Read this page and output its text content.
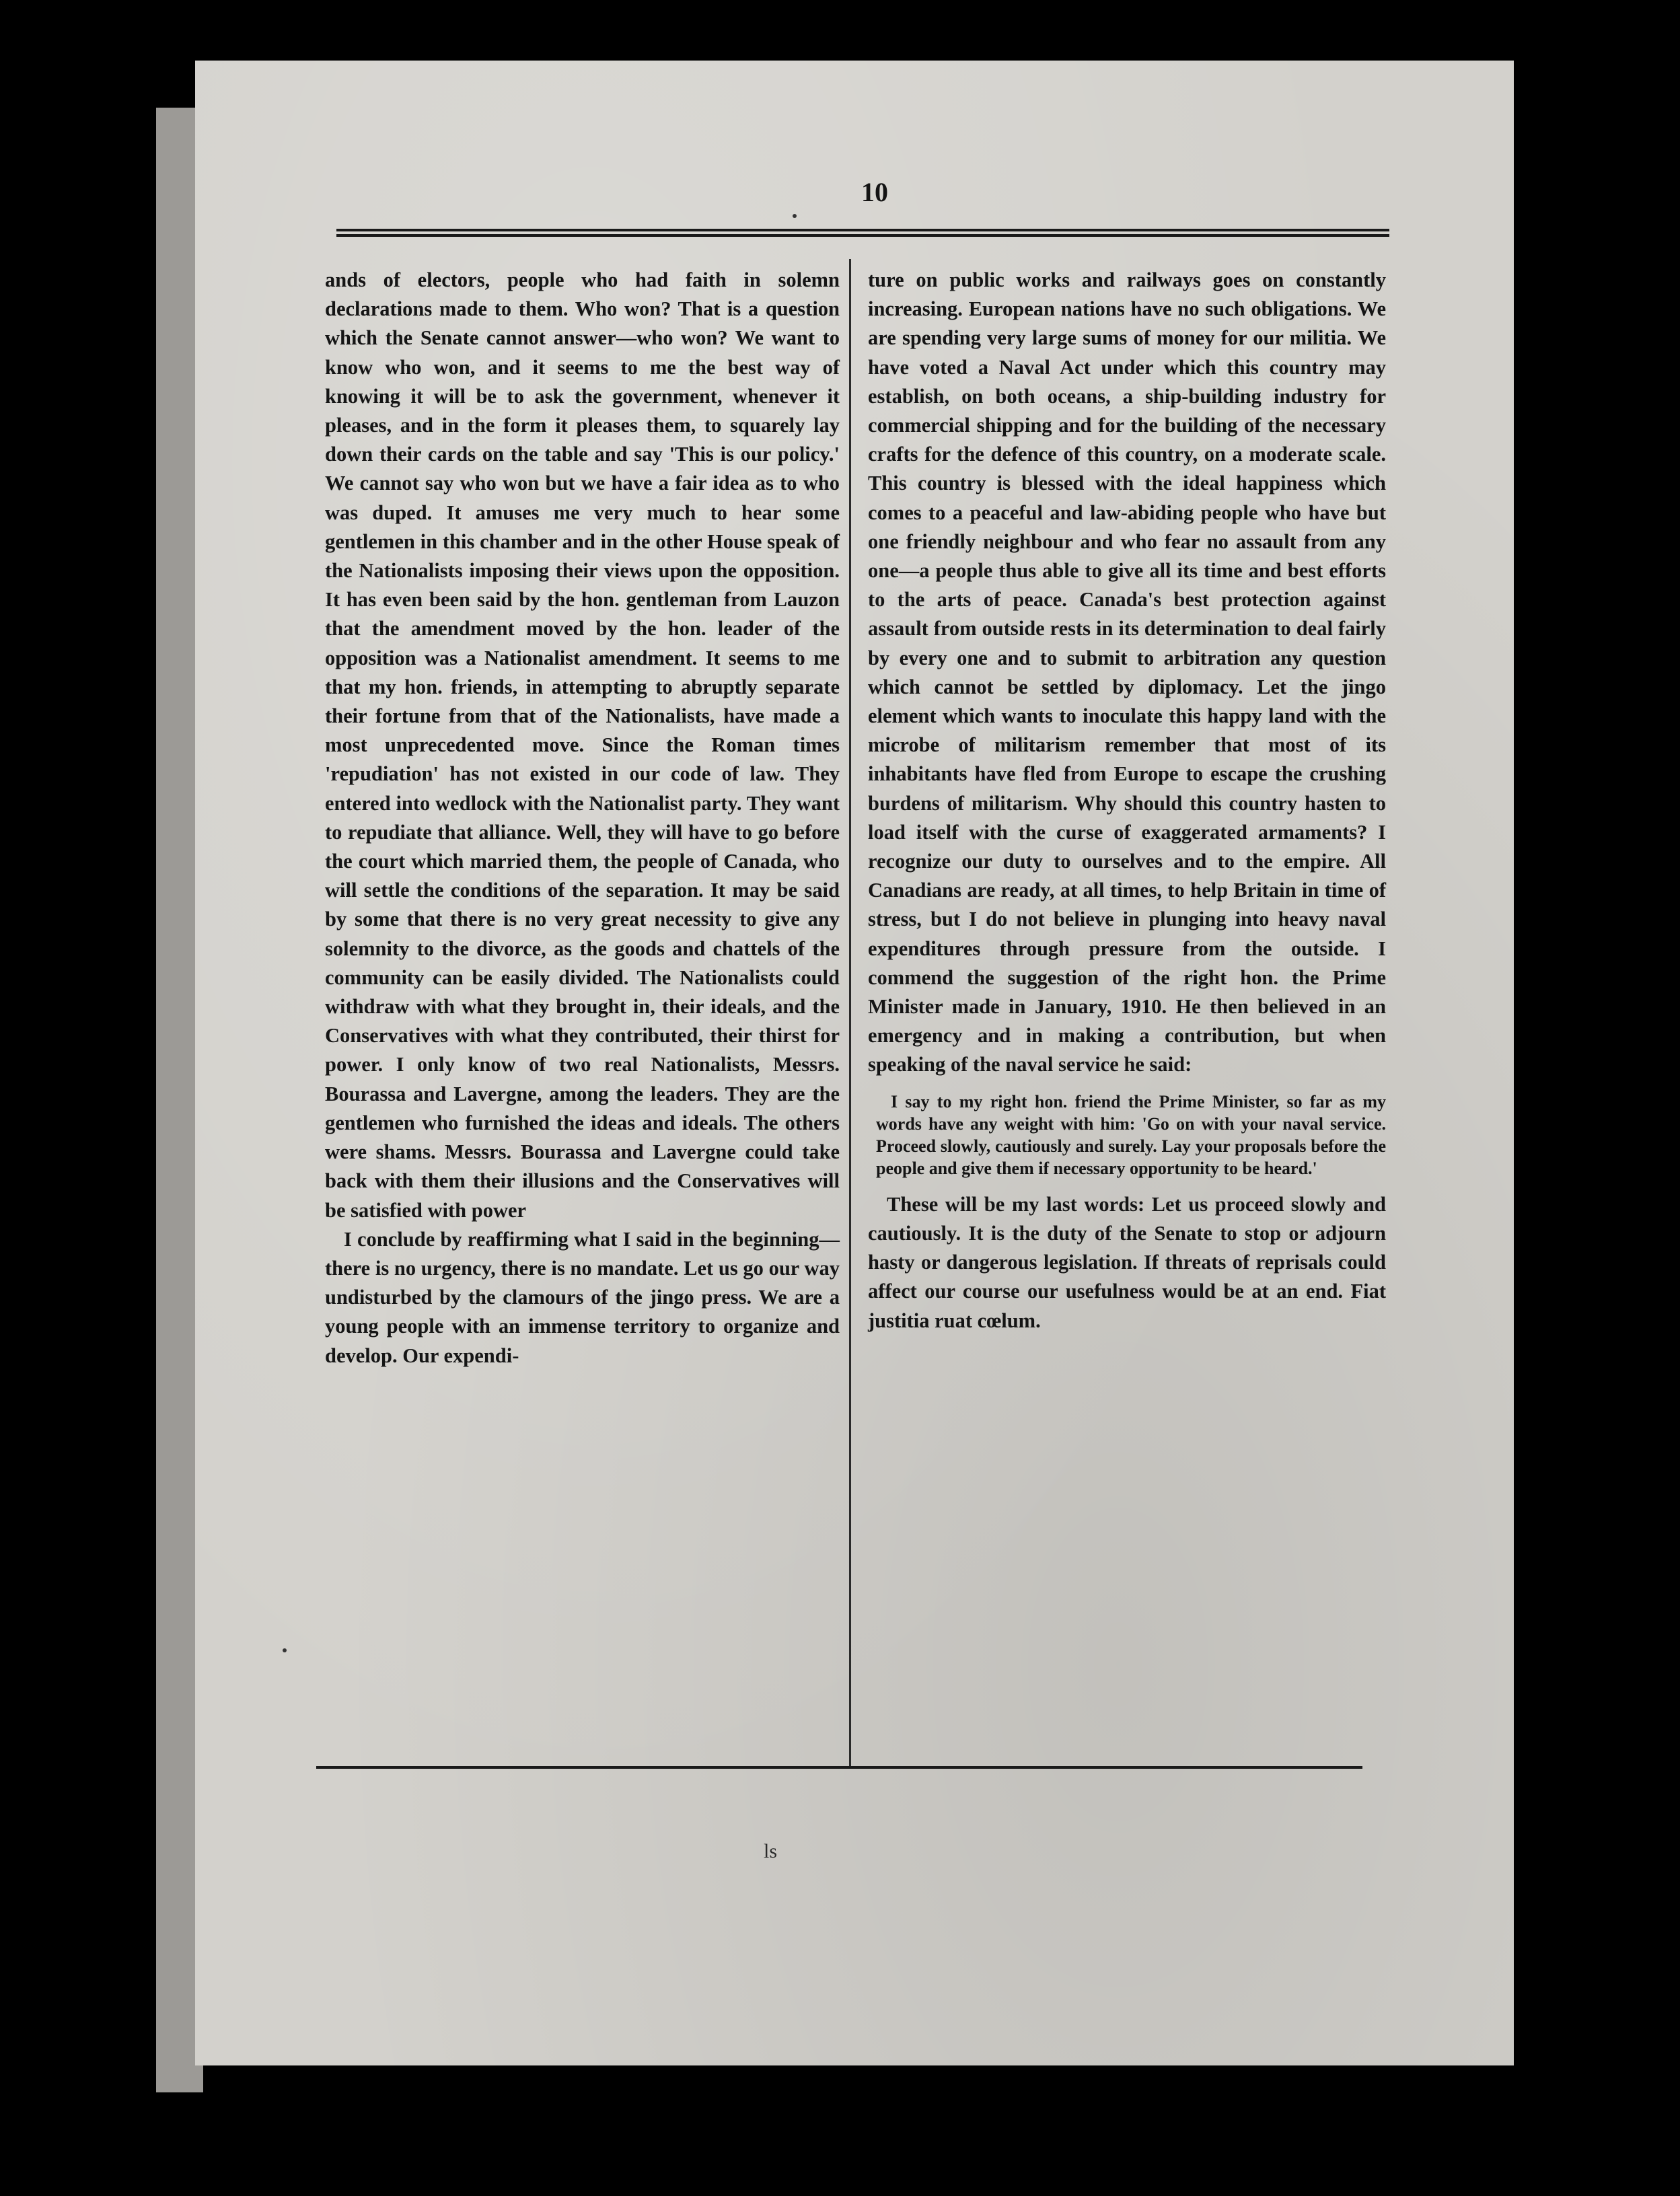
10

ands of electors, people who had faith in solemn declarations made to them. Who won? That is a question which the Senate cannot answer—who won? We want to know who won, and it seems to me the best way of knowing it will be to ask the government, whenever it pleases, and in the form it pleases them, to squarely lay down their cards on the table and say 'This is our policy.' We cannot say who won but we have a fair idea as to who was duped. It amuses me very much to hear some gentlemen in this chamber and in the other House speak of the Nationalists imposing their views upon the opposition. It has even been said by the hon. gentleman from Lauzon that the amendment moved by the hon. leader of the opposition was a Nationalist amendment. It seems to me that my hon. friends, in attempting to abruptly separate their fortune from that of the Nationalists, have made a most unprecedented move. Since the Roman times 'repudiation' has not existed in our code of law. They entered into wedlock with the Nationalist party. They want to repudiate that alliance. Well, they will have to go before the court which married them, the people of Canada, who will settle the conditions of the separation. It may be said by some that there is no very great necessity to give any solemnity to the divorce, as the goods and chattels of the community can be easily divided. The Nationalists could withdraw with what they brought in, their ideals, and the Conservatives with what they contributed, their thirst for power. I only know of two real Nationalists, Messrs. Bourassa and Lavergne, among the leaders. They are the gentlemen who furnished the ideas and ideals. The others were shams. Messrs. Bourassa and Lavergne could take back with them their illusions and the Conservatives will be satisfied with power

I conclude by reaffirming what I said in the beginning—there is no urgency, there is no mandate. Let us go our way undisturbed by the clamours of the jingo press. We are a young people with an immense territory to organize and develop. Our expendi-

ture on public works and railways goes on constantly increasing. European nations have no such obligations. We are spending very large sums of money for our militia. We have voted a Naval Act under which this country may establish, on both oceans, a ship-building industry for commercial shipping and for the building of the necessary crafts for the defence of this country, on a moderate scale. This country is blessed with the ideal happiness which comes to a peaceful and law-abiding people who have but one friendly neighbour and who fear no assault from any one—a people thus able to give all its time and best efforts to the arts of peace. Canada's best protection against assault from outside rests in its determination to deal fairly by every one and to submit to arbitration any question which cannot be settled by diplomacy. Let the jingo element which wants to inoculate this happy land with the microbe of militarism remember that most of its inhabitants have fled from Europe to escape the crushing burdens of militarism. Why should this country hasten to load itself with the curse of exaggerated armaments? I recognize our duty to ourselves and to the empire. All Canadians are ready, at all times, to help Britain in time of stress, but I do not believe in plunging into heavy naval expenditures through pressure from the outside. I commend the suggestion of the right hon. the Prime Minister made in January, 1910. He then believed in an emergency and in making a contribution, but when speaking of the naval service he said:

I say to my right hon. friend the Prime Minister, so far as my words have any weight with him: 'Go on with your naval service. Proceed slowly, cautiously and surely. Lay your proposals before the people and give them if necessary opportunity to be heard.'

These will be my last words: Let us proceed slowly and cautiously. It is the duty of the Senate to stop or adjourn hasty or dangerous legislation. If threats of reprisals could affect our course our usefulness would be at an end. Fiat justitia ruat cœlum.

ls
